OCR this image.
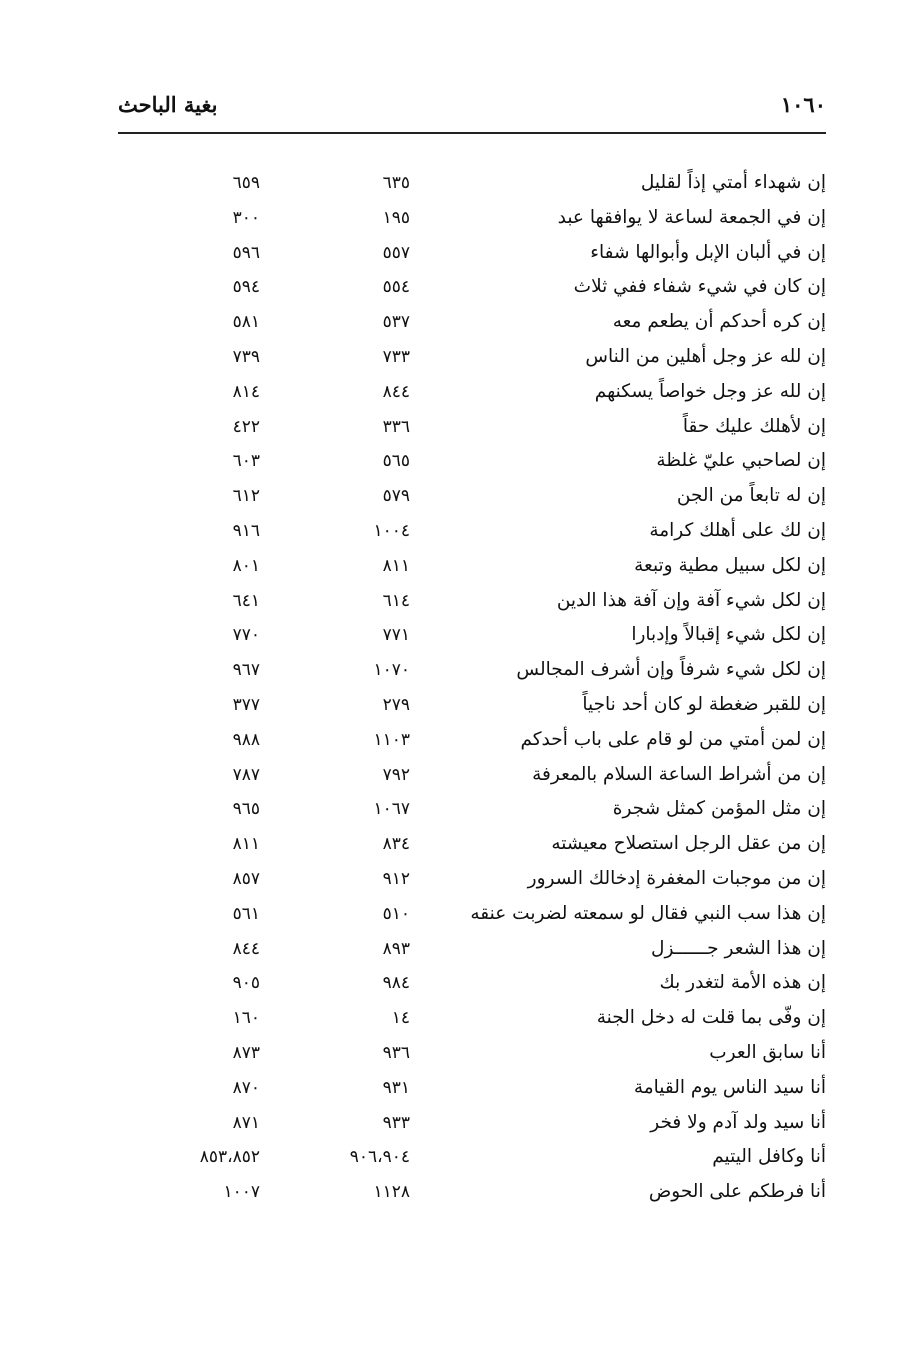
بغية الباحث	١٠٦٠
إن شهداء أمتي إذاً لقليل
٦٣٥
٦٥٩
إن في الجمعة لساعة لا يوافقها عبد
١٩٥
٣٠٠
إن في ألبان الإبل وأبوالها شفاء
٥٥٧
٥٩٦
إن كان في شيء شفاء ففي ثلاث
٥٥٤
٥٩٤
إن كره أحدكم أن يطعم معه
٥٣٧
٥٨١
إن لله عز وجل أهلين من الناس
٧٣٣
٧٣٩
إن لله عز وجل خواصاً يسكنهم
٨٤٤
٨١٤
إن لأهلك عليك حقاً
٣٣٦
٤٢٢
إن لصاحبي عليّ غلظة
٥٦٥
٦٠٣
إن له تابعاً من الجن
٥٧٩
٦١٢
إن لك على أهلك كرامة
١٠٠٤
٩١٦
إن لكل سبيل مطية وتبعة
٨١١
٨٠١
إن لكل شيء آفة وإن آفة هذا الدين
٦١٤
٦٤١
إن لكل شيء إقبالاً وإدبارا
٧٧١
٧٧٠
إن لكل شيء شرفاً وإن أشرف المجالس
١٠٧٠
٩٦٧
إن للقبر ضغطة لو كان أحد ناجياً
٢٧٩
٣٧٧
إن لمن أمتي من لو قام على باب أحدكم
١١٠٣
٩٨٨
إن من أشراط الساعة السلام بالمعرفة
٧٩٢
٧٨٧
إن مثل المؤمن كمثل شجرة
١٠٦٧
٩٦٥
إن من عقل الرجل استصلاح معيشته
٨٣٤
٨١١
إن من موجبات المغفرة إدخالك السرور
٩١٢
٨٥٧
إن هذا سب النبي فقال لو سمعته لضربت عنقه
٥١٠
٥٦١
إن هذا الشعر جــــــزل
٨٩٣
٨٤٤
إن هذه الأمة لتغدر بك
٩٨٤
٩٠٥
إن وفّى بما قلت له دخل الجنة
١٤
١٦٠
أنا سابق العرب
٩٣٦
٨٧٣
أنا سيد الناس يوم القيامة
٩٣١
٨٧٠
أنا سيد ولد آدم ولا فخر
٩٣٣
٨٧١
أنا وكافل اليتيم
٩٠٦،٩٠٤
٨٥٣،٨٥٢
أنا فرطكم على الحوض
١١٢٨
١٠٠٧
